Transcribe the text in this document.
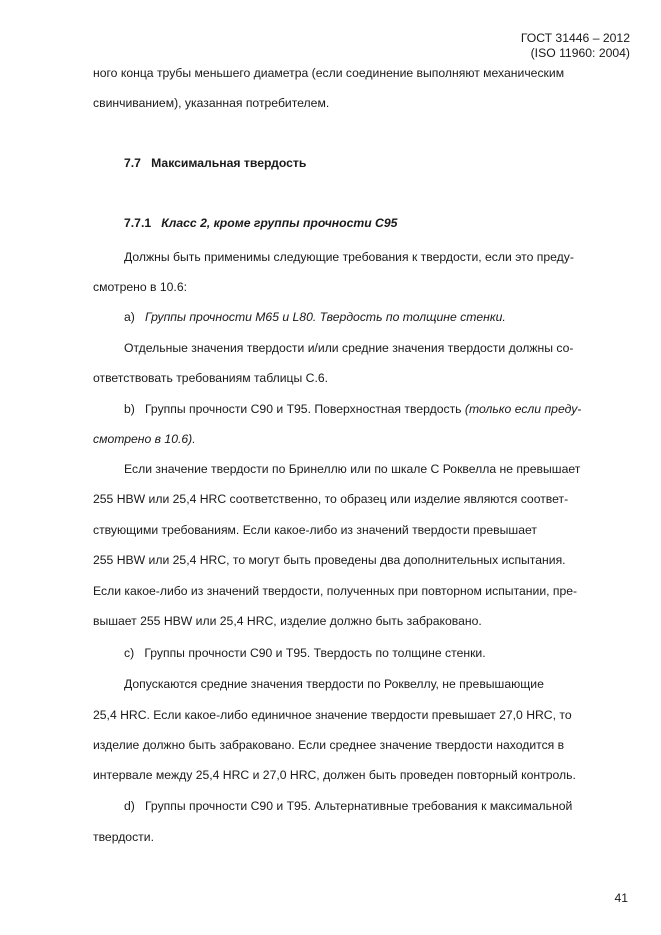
ГОСТ 31446 – 2012
(ISO 11960: 2004)
ного конца трубы меньшего диаметра (если соединение выполняют механическим
свинчиванием), указанная потребителем.
7.7 Максимальная твердость
7.7.1 Класс 2, кроме группы прочности С95
Должны быть применимы следующие требования к твердости, если это преду-
смотрено в 10.6:
а) Группы прочности М65 и L80. Твердость по толщине стенки.
Отдельные значения твердости и/или средние значения твердости должны со-
ответствовать требованиям таблицы С.6.
b) Группы прочности С90 и Т95. Поверхностная твердость (только если преду-
смотрено в 10.6).
Если значение твердости по Бринеллю или по шкале С Роквелла не превышает
255 HBW или 25,4 HRC соответственно, то образец или изделие являются соответ-
ствующими требованиям. Если какое-либо из значений твердости превышает
255 HBW или 25,4 HRC, то могут быть проведены два дополнительных испытания.
Если какое-либо из значений твердости, полученных при повторном испытании, пре-
вышает 255 HBW или 25,4 HRC, изделие должно быть забраковано.
с) Группы прочности С90 и Т95. Твердость по толщине стенки.
Допускаются средние значения твердости по Роквеллу, не превышающие
25,4 HRC. Если какое-либо единичное значение твердости превышает 27,0 HRC, то
изделие должно быть забраковано. Если среднее значение твердости находится в
интервале между 25,4 HRC и 27,0 HRC, должен быть проведен повторный контроль.
d) Группы прочности С90 и Т95. Альтернативные требования к максимальной
твердости.
41
